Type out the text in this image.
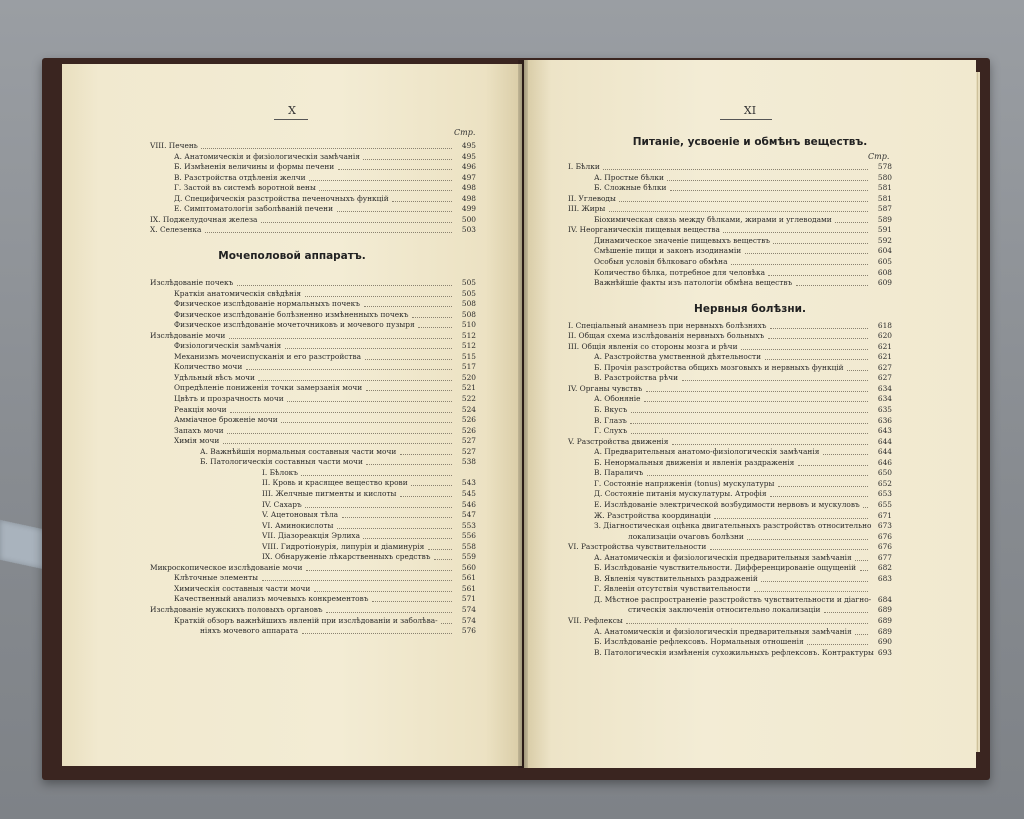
X
Стр.
VIII. Печень	495
А. Анатомическія и физіологическія замѣчанія	495
Б. Измѣненія величины и формы печени	496
В. Разстройства отдѣленія желчи	497
Г. Застой въ системѣ воротной вены	498
Д. Специфическія разстройства печеночныхъ функцій	498
Е. Симптоматологія заболѣваній печени	499
IX. Поджелудочная железа	500
X. Селезенка	503
Мочеполовой аппаратъ.
Изслѣдованіе почекъ	505
Краткія анатомическія свѣдѣнія	505
Физическое изслѣдованіе нормальныхъ почекъ	508
Физическое изслѣдованіе болѣзненно измѣненныхъ почекъ	508
Физическое изслѣдованіе мочеточниковъ и мочевого пузыря	510
Изслѣдованіе мочи	512
Физіологическія замѣчанія	512
Механизмъ мочеиспусканія и его разстройства	515
Количество мочи	517
Удѣльный вѣсъ мочи	520
Опредѣленіе пониженія точки замерзанія мочи	521
Цвѣтъ и прозрачность мочи	522
Реакція мочи	524
Аммiачное броженіе мочи	526
Запахъ мочи	526
Химія мочи	527
А. Важнѣйшія нормальныя составныя части мочи	527
Б. Патологическія составныя части мочи	538
I. Бѣлокъ
II. Кровь и красящее вещество крови	543
III. Желчные пигменты и кислоты	545
IV. Сахаръ	546
V. Ацетоновыя тѣла	547
VI. Аминокислоты	553
VII. Діазореакція Эрлиха	556
VIII. Гидротіонурія, липурія и діаминурія	558
IX. Обнаруженіе лѣкарственныхъ средствъ	559
Микроскопическое изслѣдованіе мочи	560
Клѣточные элементы	561
Химическія составныя части мочи	561
Качественный анализъ мочевыхъ конкрементовъ	571
Изслѣдованіе мужскихъ половыхъ органовъ	574
Краткій обзоръ важнѣйшихъ явленій при изслѣдованіи и заболѣва-	574
ніяхъ мочевого аппарата	576
XI
Питаніе, усвоеніе и обмѣнъ веществъ.
Стр.
I. Бѣлки	578
А. Простые бѣлки	580
Б. Сложные бѣлки	581
II. Углеводы	581
III. Жиры	587
Біохимическая связь между бѣлками, жирами и углеводами	589
IV. Неорганическія пищевыя вещества	591
Динамическое значеніе пищевыхъ веществъ	592
Смѣшеніе пищи и законъ изодинаміи	604
Особыя условія бѣлковаго обмѣна	605
Количество бѣлка, потребное для человѣка	608
Важнѣйшіе факты изъ патологіи обмѣна веществъ	609
Нервныя болѣзни.
I. Спеціальный анамнезъ при нервныхъ болѣзняхъ	618
II. Общая схема изслѣдованія нервныхъ больныхъ	620
III. Общія явленія со стороны мозга и рѣчи	621
А. Разстройства умственной дѣятельности	621
Б. Прочія разстройства общихъ мозговыхъ и нервныхъ функцій	627
В. Разстройства рѣчи	627
IV. Органы чувствъ	634
А. Обоняніе	634
Б. Вкусъ	635
В. Глазъ	636
Г. Слухъ	643
V. Разстройства движенія	644
А. Предварительныя анатомо-физіологическія замѣчанія	644
Б. Ненормальныя движенія и явленія раздраженія	646
В. Параличъ	650
Г. Состояніе напряженія (tonus) мускулатуры	652
Д. Состояніе питанія мускулатуры. Атрофія	653
Е. Изслѣдованіе электрической возбудимости нервовъ и мускуловъ	655
Ж. Разстройства координаціи	671
З. Діагностическая оцѣнка двигательныхъ разстройствъ относительно 673
локализаціи очаговъ болѣзни	676
VI. Разстройства чувствительности	676
А. Анатомическія и физіологическія предварительныя замѣчанія	677
Б. Изслѣдованіе чувствительности. Дифференцированіе ощущеній	682
В. Явленія чувствительныхъ раздраженій	683
Г. Явленія отсутствія чувствительности
Д. Мѣстное распространеніе разстройствъ чувствительности и діагно- 684
стическія заключенія относительно локализаціи	689
VII. Рефлексы	689
А. Анатомическія и физіологическія предварительныя замѣчанія	689
Б. Изслѣдованіе рефлексовъ. Нормальныя отношенія	690
В. Патологическія измѣненія сухожильныхъ рефлексовъ. Контрактуры 693
